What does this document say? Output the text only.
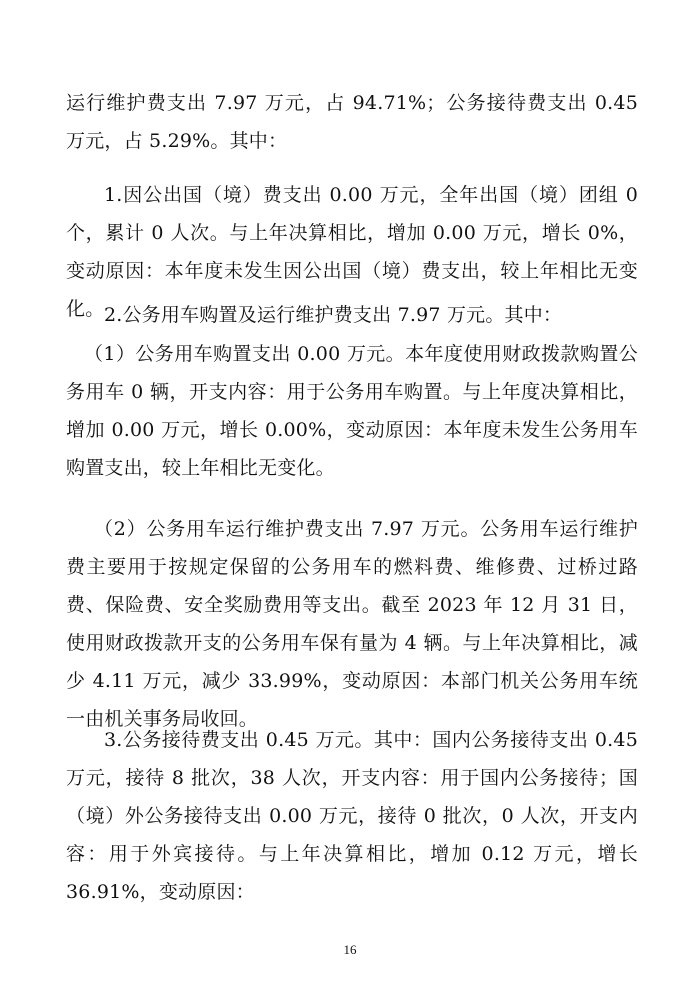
运行维护费支出 7.97 万元，占 94.71%；公务接待费支出 0.45 万元，占 5.29%。其中：

1.因公出国（境）费支出 0.00 万元，全年出国（境）团组 0 个，累计 0 人次。与上年决算相比，增加 0.00 万元，增长 0%，变动原因：本年度未发生因公出国（境）费支出，较上年相比无变化。 2.公务用车购置及运行维护费支出 7.97 万元。其中：

（1）公务用车购置支出 0.00 万元。本年度使用财政拨款购置公务用车 0 辆，开支内容：用于公务用车购置。与上年度决算相比，增加 0.00 万元，增长 0.00%，变动原因：本年度未发生公务用车购置支出，较上年相比无变化。

（2）公务用车运行维护费支出 7.97 万元。公务用车运行维护费主要用于按规定保留的公务用车的燃料费、维修费、过桥过路费、保险费、安全奖励费用等支出。截至 2023 年 12 月 31 日，使用财政拨款开支的公务用车保有量为 4 辆。与上年决算相比，减少 4.11 万元，减少 33.99%，变动原因：本部门机关公务用车统一由机关事务局收回。

3.公务接待费支出 0.45 万元。其中：国内公务接待支出 0.45 万元，接待 8 批次，38 人次，开支内容：用于国内公务接待；国（境）外公务接待支出 0.00 万元，接待 0 批次，0 人次，开支内容：用于外宾接待。与上年决算相比，增加 0.12 万元，增长 36.91%，变动原因：

16
